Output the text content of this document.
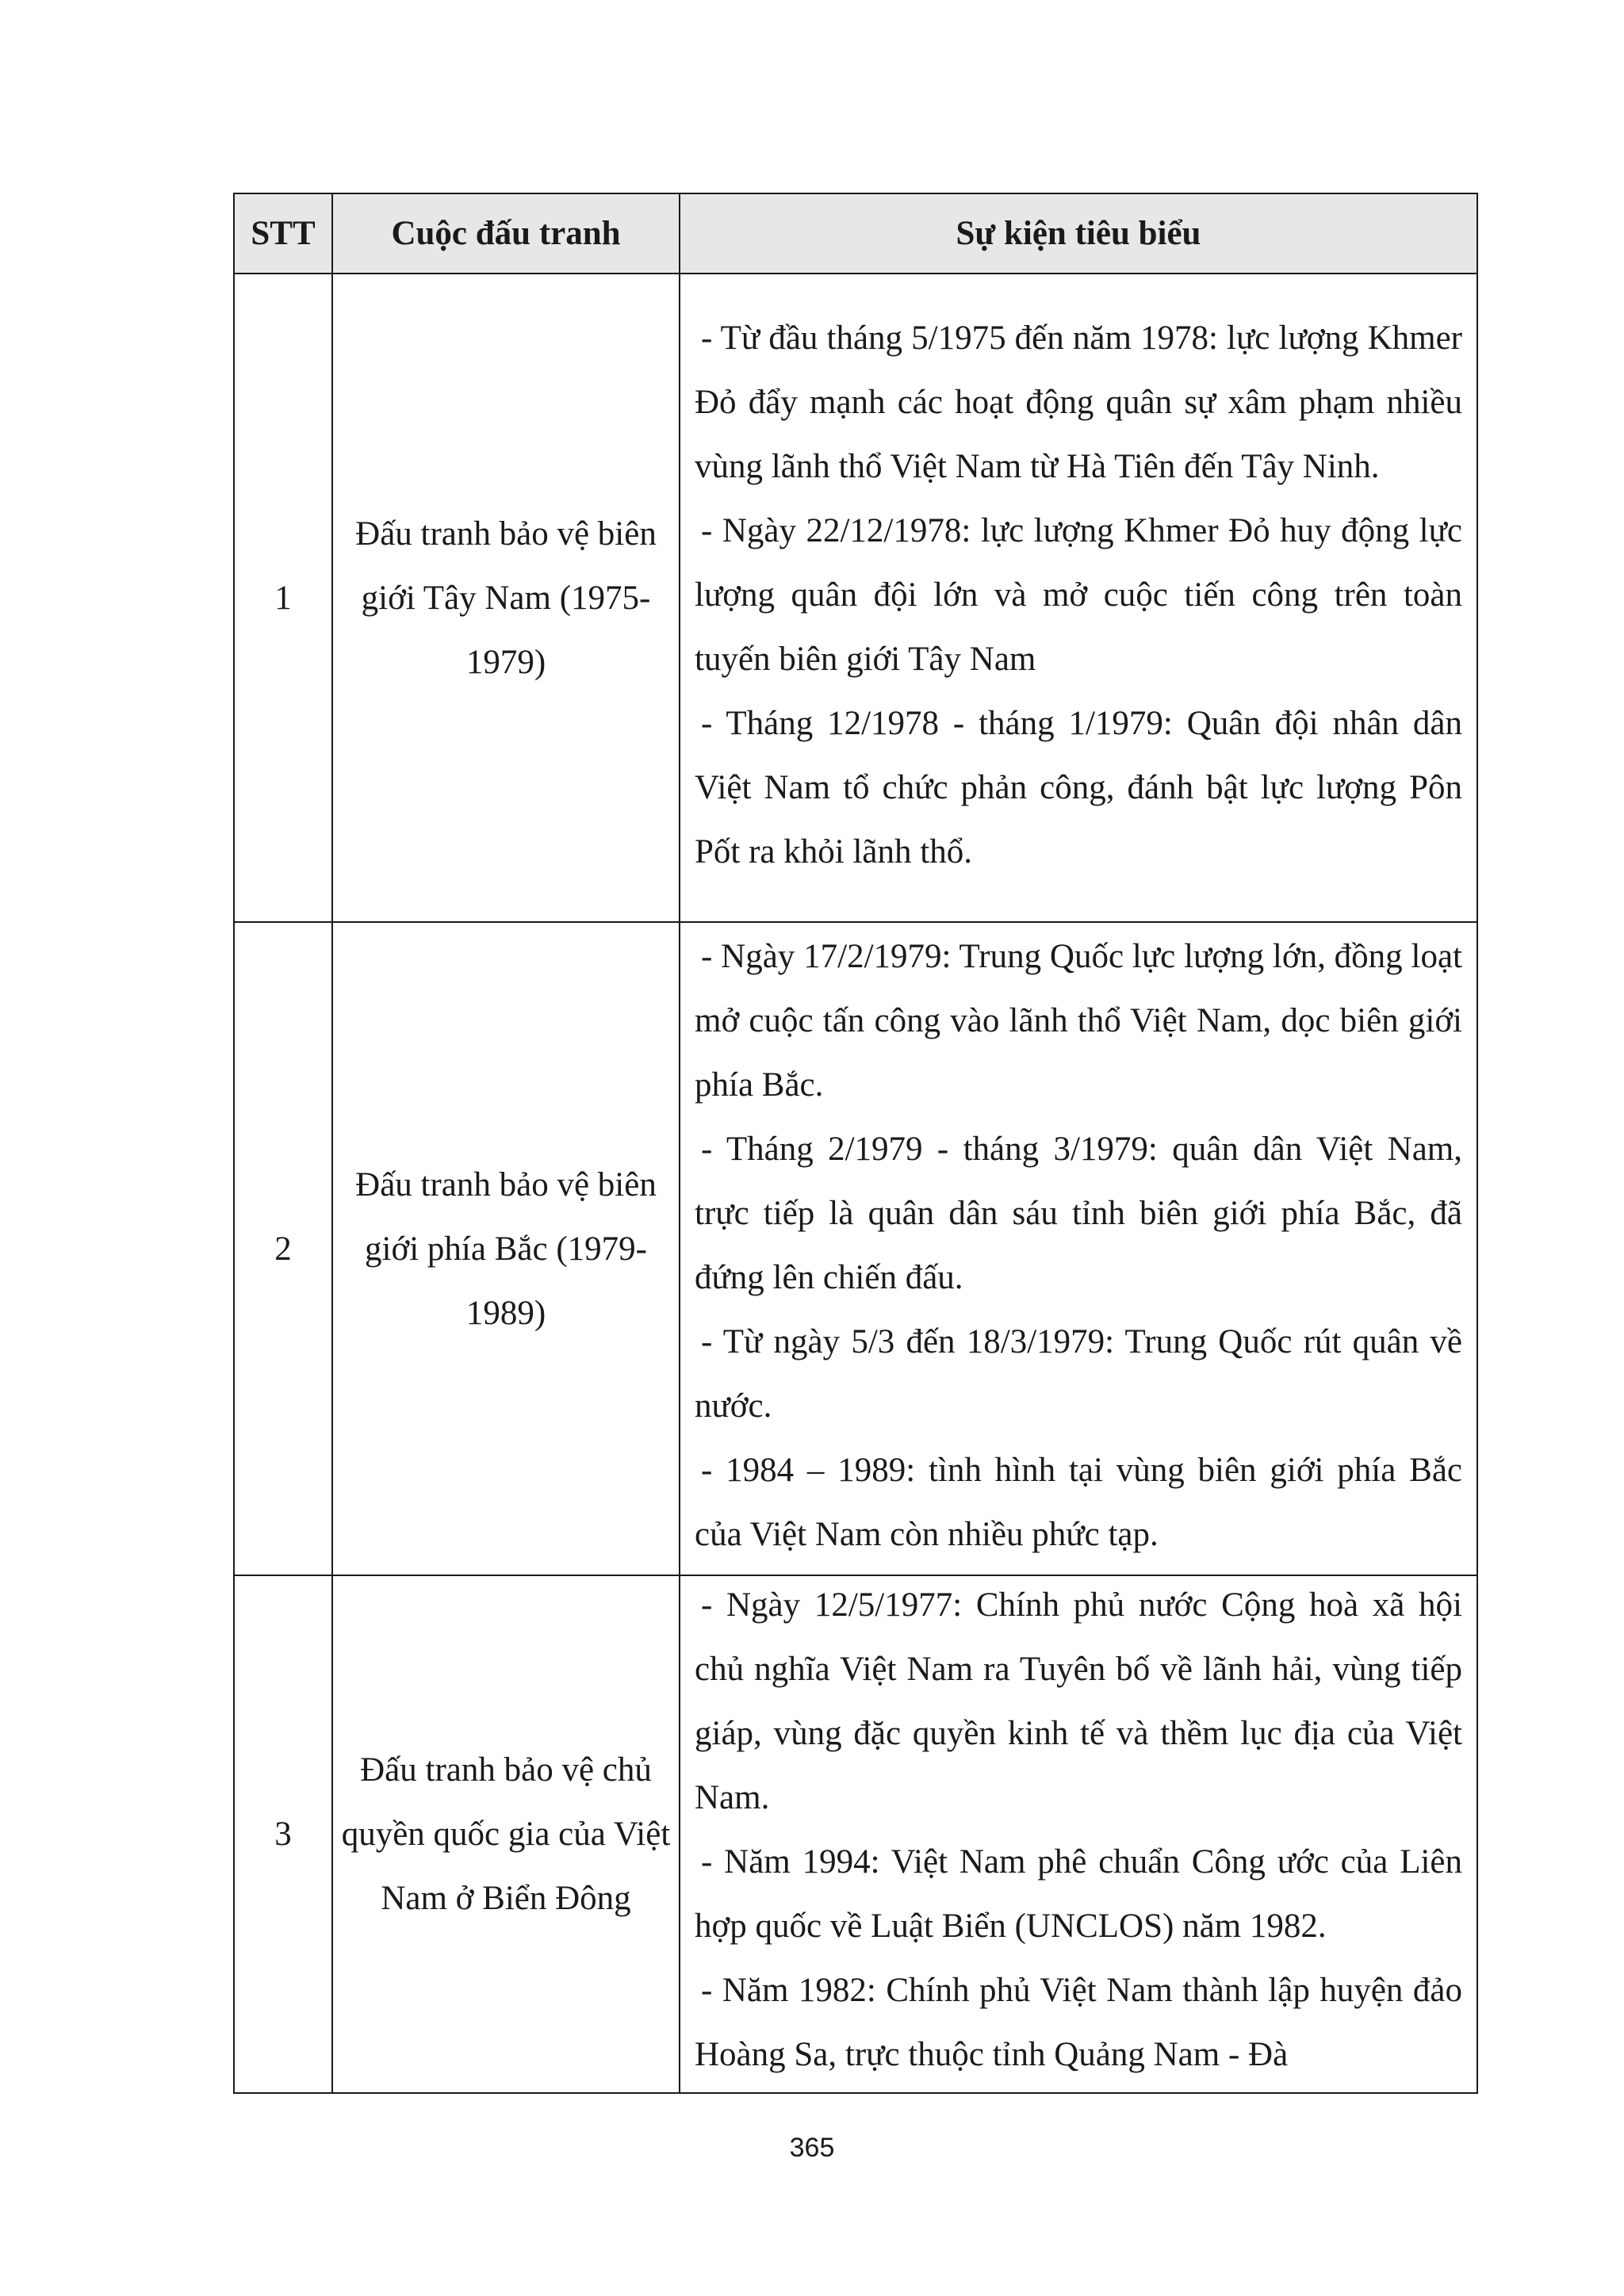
STT	Cuộc đấu tranh	Sự kiện tiêu biểu
1	Đấu tranh bảo vệ biên giới Tây Nam (1975-1979)	- Từ đầu tháng 5/1975 đến năm 1978: lực lượng Khmer Đỏ đẩy mạnh các hoạt động quân sự xâm phạm nhiều vùng lãnh thổ Việt Nam từ Hà Tiên đến Tây Ninh.

- Ngày 22/12/1978: lực lượng Khmer Đỏ huy động lực lượng quân đội lớn và mở cuộc tiến công trên toàn tuyến biên giới Tây Nam

- Tháng 12/1978 - tháng 1/1979: Quân đội nhân dân Việt Nam tổ chức phản công, đánh bật lực lượng Pôn Pốt ra khỏi lãnh thổ.

2	Đấu tranh bảo vệ biên giới phía Bắc (1979-1989)	- Ngày 17/2/1979: Trung Quốc lực lượng lớn, đồng loạt mở cuộc tấn công vào lãnh thổ Việt Nam, dọc biên giới phía Bắc.

- Tháng 2/1979 - tháng 3/1979: quân dân Việt Nam, trực tiếp là quân dân sáu tỉnh biên giới phía Bắc, đã đứng lên chiến đấu.

- Từ ngày 5/3 đến 18/3/1979: Trung Quốc rút quân về nước.

- 1984 – 1989: tình hình tại vùng biên giới phía Bắc của Việt Nam còn nhiều phức tạp.

3	Đấu tranh bảo vệ chủ quyền quốc gia của Việt Nam ở Biển Đông	- Ngày 12/5/1977: Chính phủ nước Cộng hoà xã hội chủ nghĩa Việt Nam ra Tuyên bố về lãnh hải, vùng tiếp giáp, vùng đặc quyền kinh tế và thềm lục địa của Việt Nam.

- Năm 1994: Việt Nam phê chuẩn Công ước của Liên hợp quốc về Luật Biển (UNCLOS) năm 1982.

- Năm 1982: Chính phủ Việt Nam thành lập huyện đảo Hoàng Sa, trực thuộc tỉnh Quảng Nam - Đà

365
